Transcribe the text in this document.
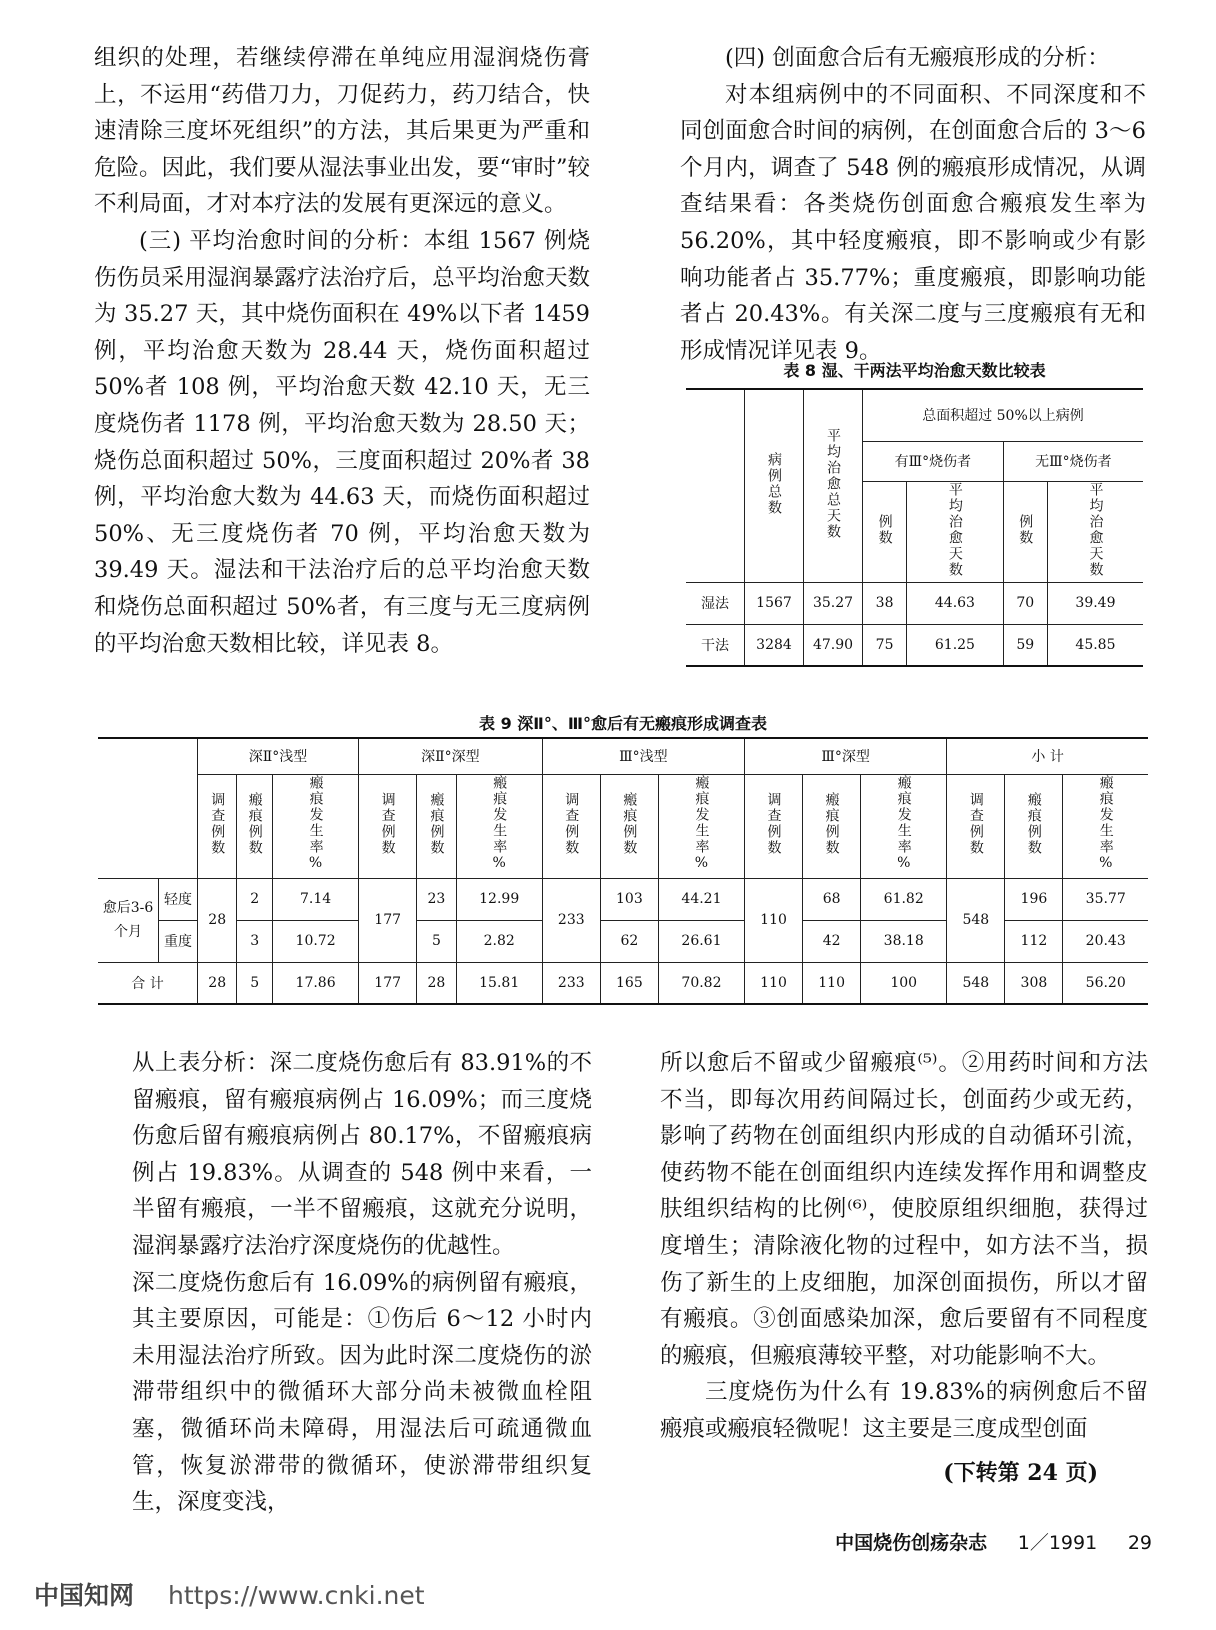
组织的处理，若继续停滞在单纯应用湿润烧伤膏上，不运用“药借刀力，刀促药力，药刀结合，快速清除三度坏死组织”的方法，其后果更为严重和危险。因此，我们要从湿法事业出发，要“审时”较不利局面，才对本疗法的发展有更深远的意义。

(三) 平均治愈时间的分析：本组 1567 例烧伤伤员采用湿润暴露疗法治疗后，总平均治愈天数为 35.27 天，其中烧伤面积在 49%以下者 1459 例，平均治愈天数为 28.44 天，烧伤面积超过 50%者 108 例，平均治愈天数 42.10 天，无三度烧伤者 1178 例，平均治愈天数为 28.50 天；烧伤总面积超过 50%，三度面积超过 20%者 38 例，平均治愈大数为 44.63 天，而烧伤面积超过 50%、无三度烧伤者 70 例，平均治愈天数为 39.49 天。湿法和干法治疗后的总平均治愈天数和烧伤总面积超过 50%者，有三度与无三度病例的平均治愈天数相比较，详见表 8。

(四) 创面愈合后有无瘢痕形成的分析：

对本组病例中的不同面积、不同深度和不同创面愈合时间的病例，在创面愈合后的 3～6 个月内，调查了 548 例的瘢痕形成情况，从调查结果看：各类烧伤创面愈合瘢痕发生率为 56.20%，其中轻度瘢痕，即不影响或少有影响功能者占 35.77%；重度瘢痕，即影响功能者占 20.43%。有关深二度与三度瘢痕有无和形成情况详见表 9。

表 8 湿、干两法平均治愈天数比较表
	病例总数	平均治愈总天数	总面积超过 50%以上病例			
			有Ⅲ°烧伤者		无Ⅲ°烧伤者	
			例数	平均治愈天数	例数	平均治愈天数
湿法	1567	35.27	38	44.63	70	39.49
干法	3284	47.90	75	61.25	59	45.85
表 9 深Ⅱ°、Ⅲ°愈后有无瘢痕形成调查表
		深Ⅱ°浅型			深Ⅱ°深型			Ⅲ°浅型			Ⅲ°深型			小 计		
		调查例数	瘢痕例数	瘢痕发生率%	调查例数	瘢痕例数	瘢痕发生率%	调查例数	瘢痕例数	瘢痕发生率%	调查例数	瘢痕例数	瘢痕发生率%	调查例数	瘢痕例数	瘢痕发生率%
愈后3-6个月	轻度	28	2	7.14	177	23	12.99	233	103	44.21	110	68	61.82	548	196	35.77
	重度		3	10.72		5	2.82		62	26.61		42	38.18		112	20.43
合 计		28	5	17.86	177	28	15.81	233	165	70.82	110	110	100	548	308	56.20

从上表分析：深二度烧伤愈后有 83.91%的不留瘢痕，留有瘢痕病例占 16.09%；而三度烧伤愈后留有瘢痕病例占 80.17%，不留瘢痕病例占 19.83%。从调查的 548 例中来看，一半留有瘢痕，一半不留瘢痕，这就充分说明，湿润暴露疗法治疗深度烧伤的优越性。

深二度烧伤愈后有 16.09%的病例留有瘢痕，其主要原因，可能是：①伤后 6～12 小时内未用湿法治疗所致。因为此时深二度烧伤的淤滞带组织中的微循环大部分尚未被微血栓阻塞，微循环尚未障碍，用湿法后可疏通微血管，恢复淤滞带的微循环，使淤滞带组织复生，深度变浅，

所以愈后不留或少留瘢痕⁽⁵⁾。②用药时间和方法不当，即每次用药间隔过长，创面药少或无药，影响了药物在创面组织内形成的自动循环引流，使药物不能在创面组织内连续发挥作用和调整皮肤组织结构的比例⁽⁶⁾，使胶原组织细胞，获得过度增生；清除液化物的过程中，如方法不当，损伤了新生的上皮细胞，加深创面损伤，所以才留有瘢痕。③创面感染加深，愈后要留有不同程度的瘢痕，但瘢痕薄较平整，对功能影响不大。

三度烧伤为什么有 19.83%的病例愈后不留瘢痕或瘢痕轻微呢！这主要是三度成型创面

(下转第 24 页)
中国烧伤创疡杂志 1／1991 29
中国知网 https://www.cnki.net
